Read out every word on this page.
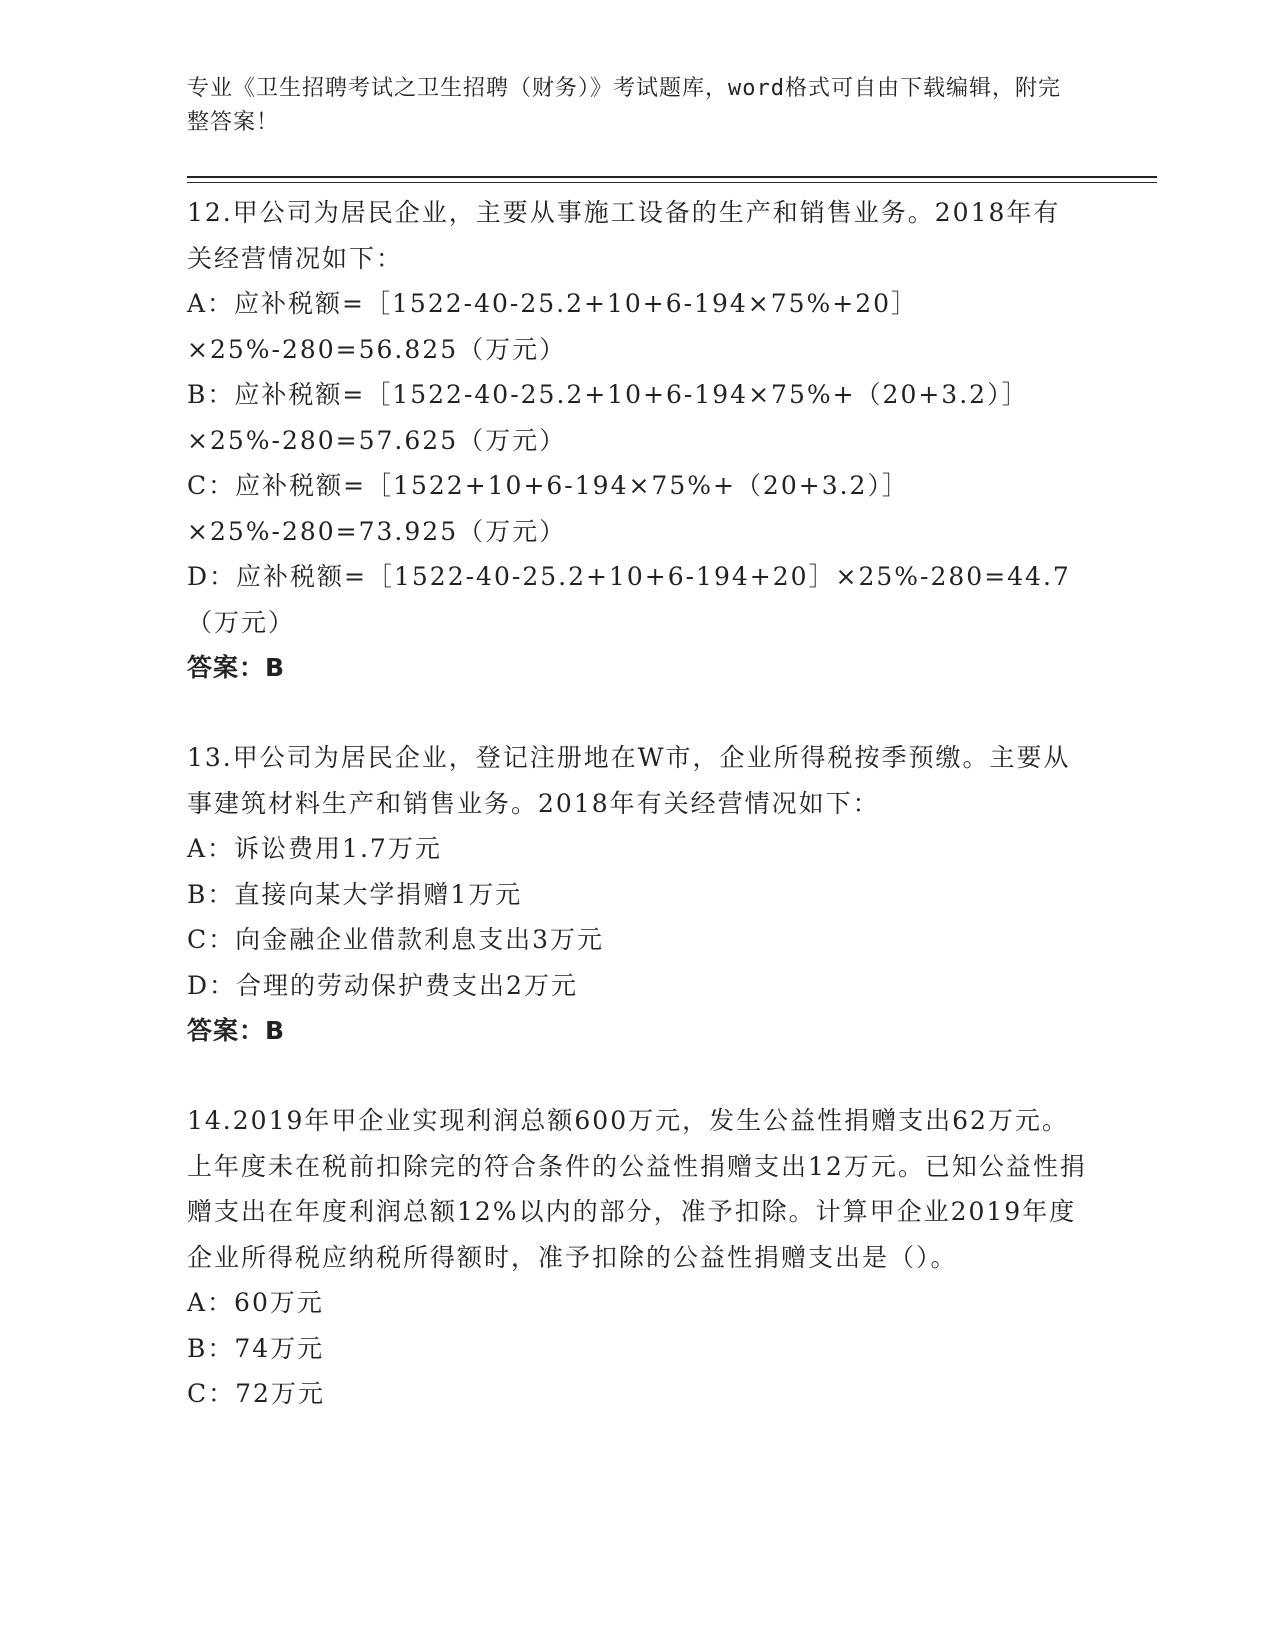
专业《卫生招聘考试之卫生招聘（财务）》考试题库，word格式可自由下载编辑，附完整答案！

12.甲公司为居民企业，主要从事施工设备的生产和销售业务。2018年有关经营情况如下：

A：应补税额=［1522-40-25.2+10+6-194×75%+20］×25%-280=56.825（万元）

B：应补税额=［1522-40-25.2+10+6-194×75%+（20+3.2）］×25%-280=57.625（万元）

C：应补税额=［1522+10+6-194×75%+（20+3.2）］×25%-280=73.925（万元）

D：应补税额=［1522-40-25.2+10+6-194+20］×25%-280=44.7（万元）

答案：B

13.甲公司为居民企业，登记注册地在W市，企业所得税按季预缴。主要从事建筑材料生产和销售业务。2018年有关经营情况如下：

A：诉讼费用1.7万元

B：直接向某大学捐赠1万元

C：向金融企业借款利息支出3万元

D：合理的劳动保护费支出2万元

答案：B

14.2019年甲企业实现利润总额600万元，发生公益性捐赠支出62万元。上年度未在税前扣除完的符合条件的公益性捐赠支出12万元。已知公益性捐赠支出在年度利润总额12%以内的部分，准予扣除。计算甲企业2019年度企业所得税应纳税所得额时，准予扣除的公益性捐赠支出是（）。

A：60万元

B：74万元

C：72万元
